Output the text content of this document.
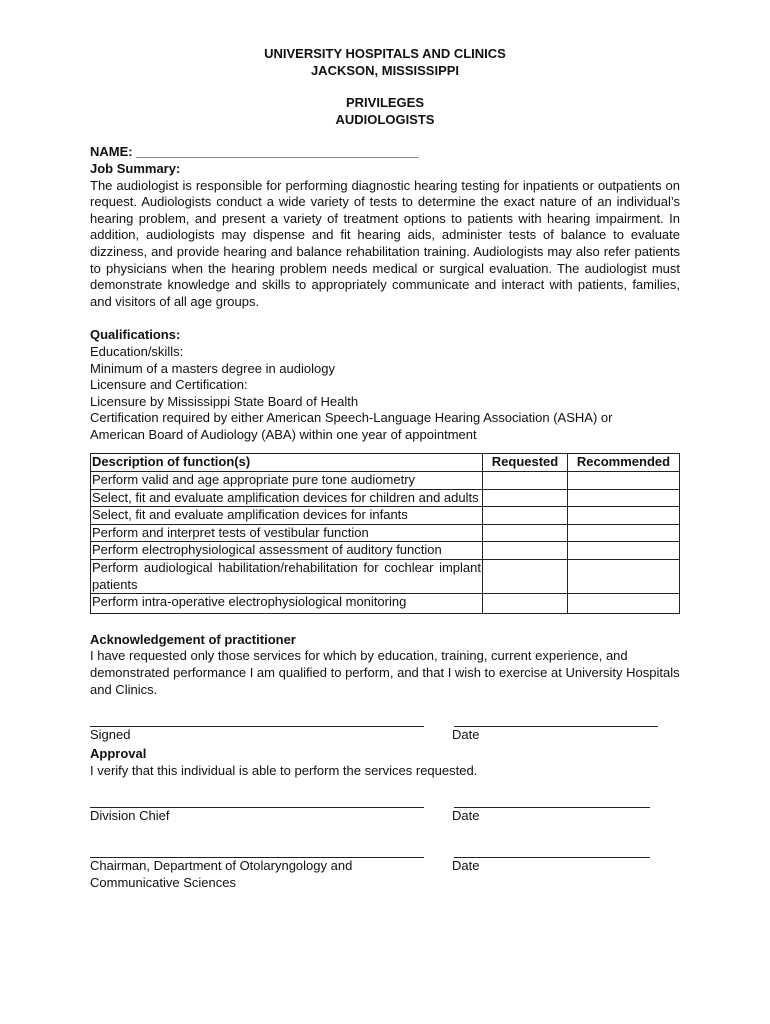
UNIVERSITY HOSPITALS AND CLINICS
JACKSON, MISSISSIPPI
PRIVILEGES
AUDIOLOGISTS
NAME: _______________________________________
Job Summary:
The audiologist is responsible for performing diagnostic hearing testing for inpatients or outpatients on request. Audiologists conduct a wide variety of tests to determine the exact nature of an individual’s hearing problem, and present a variety of treatment options to patients with hearing impairment. In addition, audiologists may dispense and fit hearing aids, administer tests of balance to evaluate dizziness, and provide hearing and balance rehabilitation training. Audiologists may also refer patients to physicians when the hearing problem needs medical or surgical evaluation. The audiologist must demonstrate knowledge and skills to appropriately communicate and interact with patients, families, and visitors of all age groups.
Qualifications:
Education/skills:
Minimum of a masters degree in audiology
Licensure and Certification:
Licensure by Mississippi State Board of Health
Certification required by either American Speech-Language Hearing Association (ASHA) or American Board of Audiology (ABA) within one year of appointment
Description of function(s)	Requested	Recommended
Perform valid and age appropriate pure tone audiometry		
Select, fit and evaluate amplification devices for children and adults		
Select, fit and evaluate amplification devices for infants		
Perform and interpret tests of vestibular function		
Perform electrophysiological assessment of auditory function		
Perform audiological habilitation/rehabilitation for cochlear implant patients		
Perform intra-operative electrophysiological monitoring		
Acknowledgement of practitioner
I have requested only those services for which by education, training, current experience, and demonstrated performance I am qualified to perform, and that I wish to exercise at University Hospitals and Clinics.
Signed	Date
Approval
I verify that this individual is able to perform the services requested.
Division Chief	Date
Chairman, Department of Otolaryngology and Communicative Sciences
Date
